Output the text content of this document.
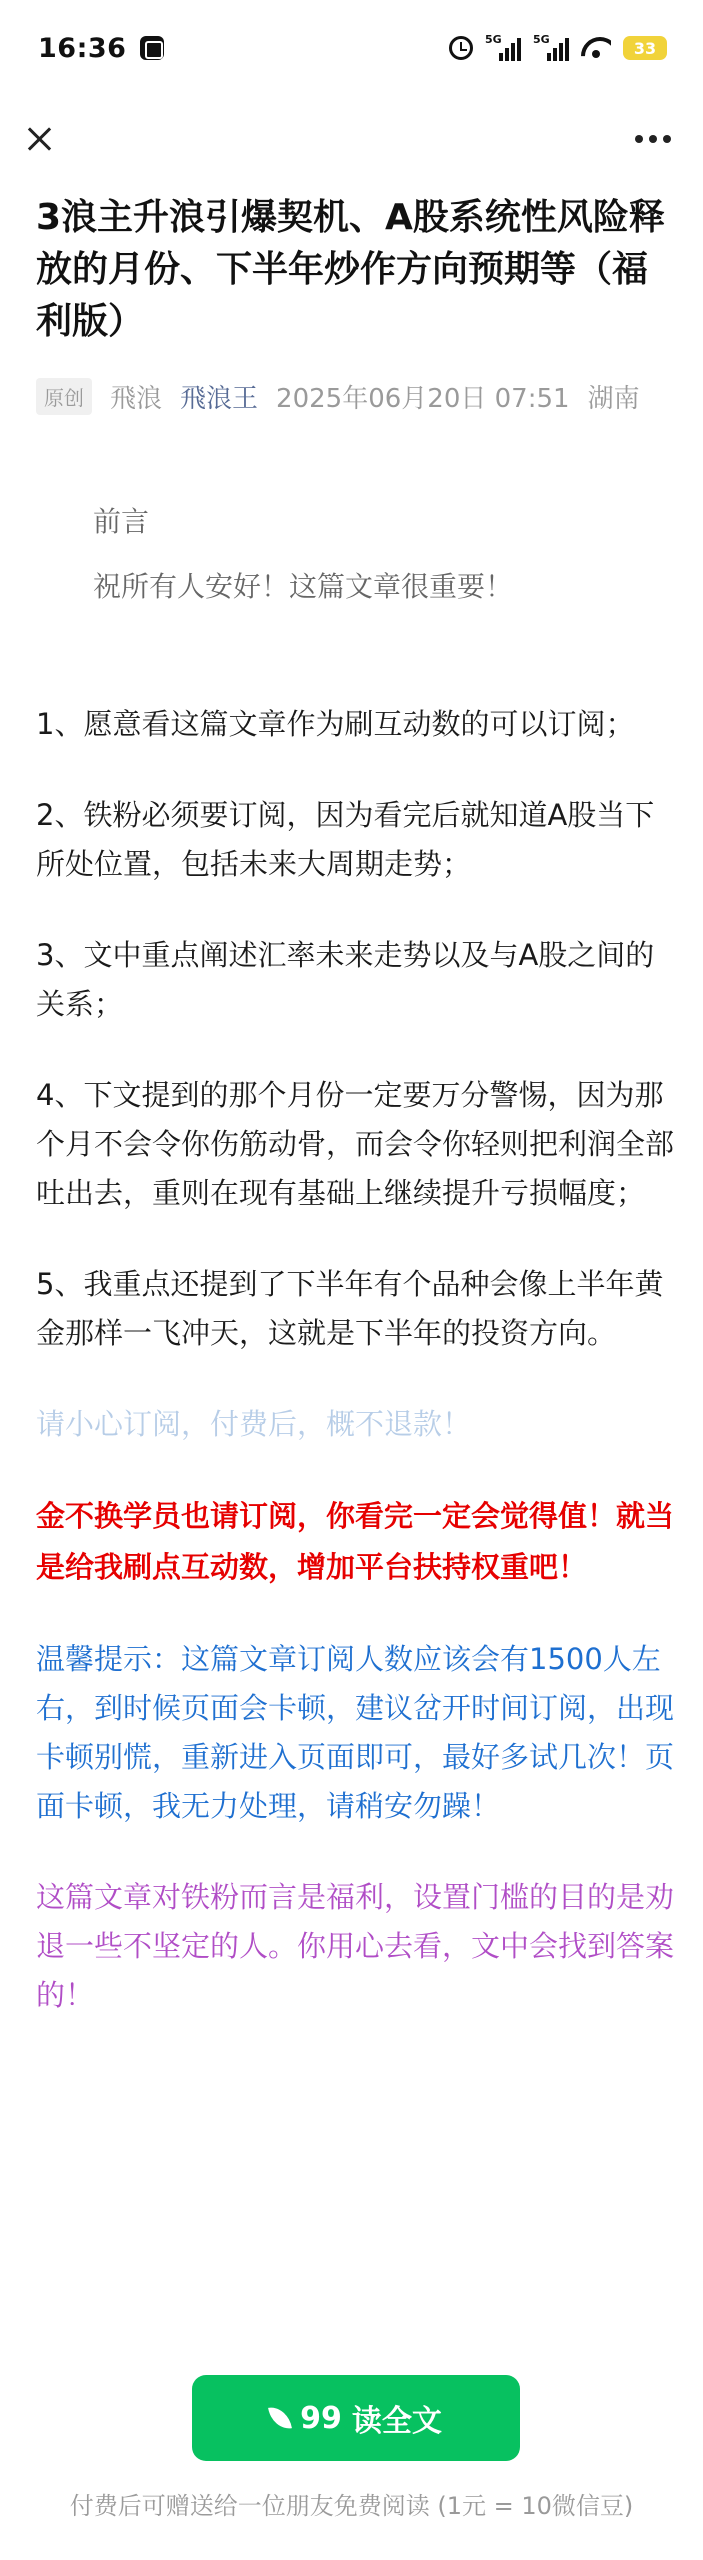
16:36	5G	5G	33
3浪主升浪引爆契机、A股系统性风险释放的月份、下半年炒作方向预期等（福利版）
原创	飛浪 飛浪王 2025年06月20日 07:51 湖南

前言

祝所有人安好！这篇文章很重要！

1、愿意看这篇文章作为刷互动数的可以订阅；

2、铁粉必须要订阅，因为看完后就知道A股当下所处位置，包括未来大周期走势；

3、文中重点阐述汇率未来走势以及与A股之间的关系；

4、下文提到的那个月份一定要万分警惕，因为那个月不会令你伤筋动骨，而会令你轻则把利润全部吐出去，重则在现有基础上继续提升亏损幅度；

5、我重点还提到了下半年有个品种会像上半年黄金那样一飞冲天，这就是下半年的投资方向。

请小心订阅，付费后，概不退款！

金不换学员也请订阅，你看完一定会觉得值！就当是给我刷点互动数，增加平台扶持权重吧！

温馨提示：这篇文章订阅人数应该会有1500人左右，到时候页面会卡顿，建议岔开时间订阅，出现卡顿别慌，重新进入页面即可，最好多试几次！页面卡顿，我无力处理，请稍安勿躁！

这篇文章对铁粉而言是福利，设置门槛的目的是劝退一些不坚定的人。你用心去看，文中会找到答案的！

99 读全文
付费后可赠送给一位朋友免费阅读 (1元 = 10微信豆)
